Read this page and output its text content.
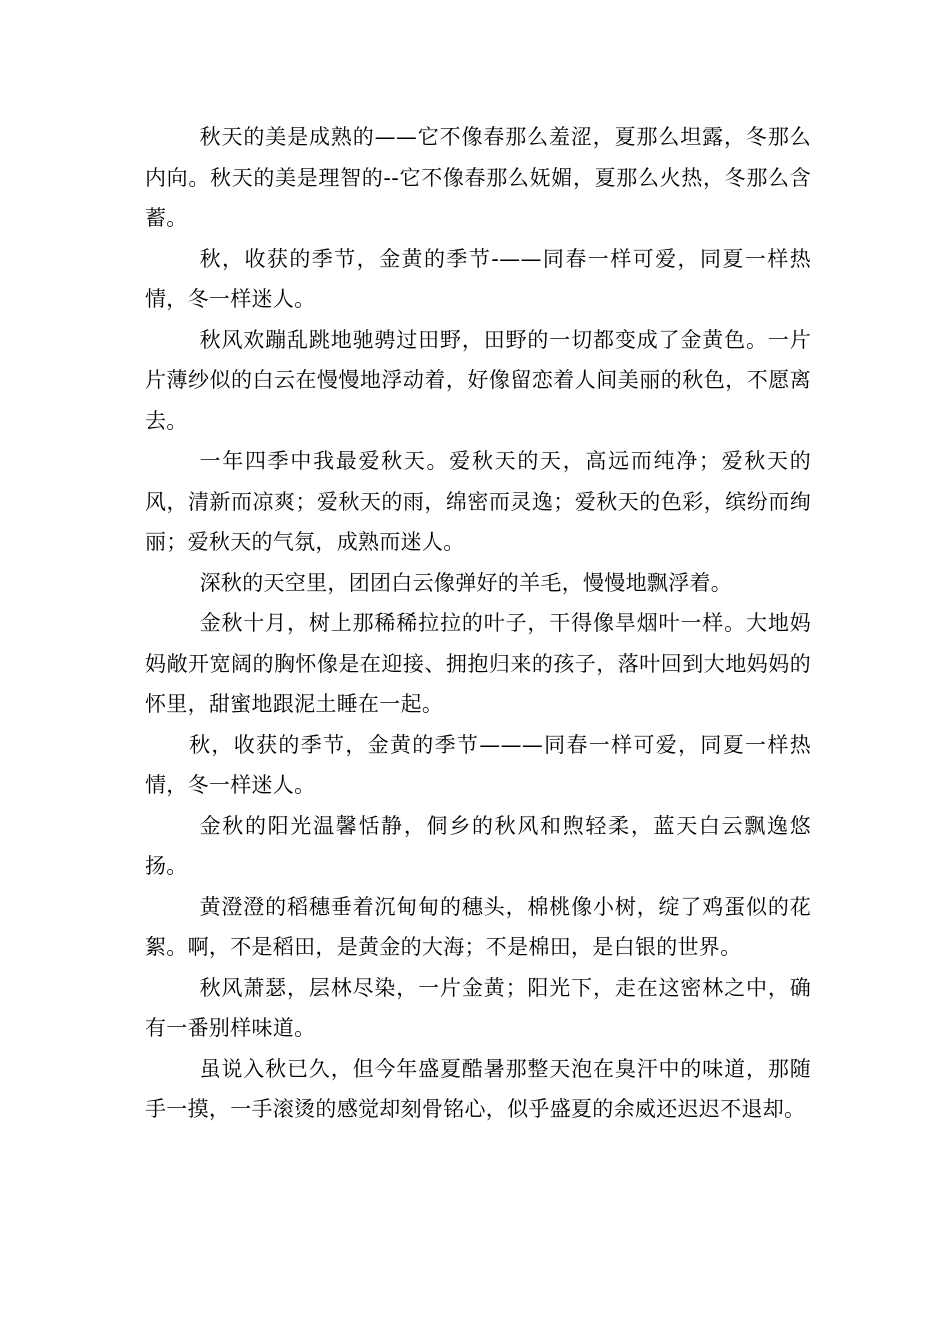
秋天的美是成熟的——它不像春那么羞涩，夏那么坦露，冬那么内向。秋天的美是理智的--它不像春那么妩媚，夏那么火热，冬那么含蓄。

秋，收获的季节，金黄的季节-——同春一样可爱，同夏一样热情，冬一样迷人。

秋风欢蹦乱跳地驰骋过田野，田野的一切都变成了金黄色。一片片薄纱似的白云在慢慢地浮动着，好像留恋着人间美丽的秋色，不愿离去。

一年四季中我最爱秋天。爱秋天的天，高远而纯净；爱秋天的风，清新而凉爽；爱秋天的雨，绵密而灵逸；爱秋天的色彩，缤纷而绚丽；爱秋天的气氛，成熟而迷人。

深秋的天空里，团团白云像弹好的羊毛，慢慢地飘浮着。

金秋十月，树上那稀稀拉拉的叶子，干得像旱烟叶一样。大地妈妈敞开宽阔的胸怀像是在迎接、拥抱归来的孩子，落叶回到大地妈妈的怀里，甜蜜地跟泥土睡在一起。

秋，收获的季节，金黄的季节———同春一样可爱，同夏一样热情，冬一样迷人。

金秋的阳光温馨恬静，侗乡的秋风和煦轻柔，蓝天白云飘逸悠扬。

黄澄澄的稻穗垂着沉甸甸的穗头，棉桃像小树，绽了鸡蛋似的花絮。啊，不是稻田，是黄金的大海；不是棉田，是白银的世界。

秋风萧瑟，层林尽染，一片金黄；阳光下，走在这密林之中，确有一番别样味道。

虽说入秋已久，但今年盛夏酷暑那整天泡在臭汗中的味道，那随手一摸，一手滚烫的感觉却刻骨铭心，似乎盛夏的余威还迟迟不退却。
